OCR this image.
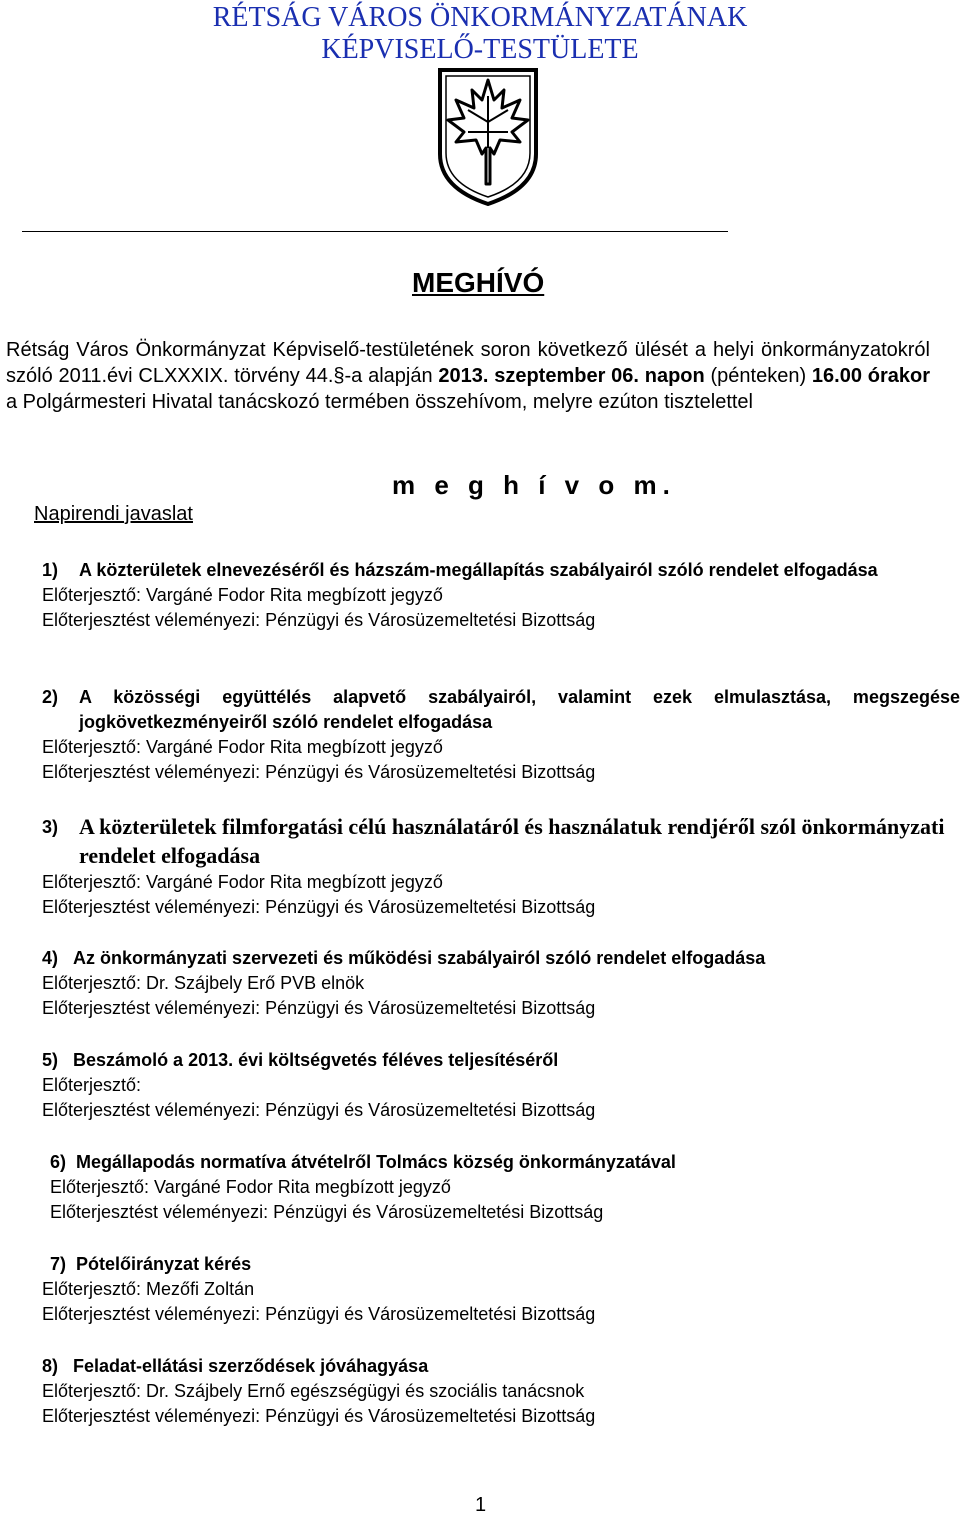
RÉTSÁG VÁROS ÖNKORMÁNYZATÁNAK
KÉPVISELŐ-TESTÜLETE
MEGHÍVÓ
Rétság Város Önkormányzat Képviselő-testületének soron következő ülését a helyi önkormányzatokról szóló 2011.évi CLXXXIX. törvény 44.§-a alapján 2013. szeptember 06. napon (pénteken) 16.00 órakor a Polgármesteri Hivatal tanácskozó termében összehívom, melyre ezúton tisztelettel
m e g h í v o m.
Napirendi javaslat
1) A közterületek elnevezéséről és házszám-megállapítás szabályairól szóló rendelet elfogadása
Előterjesztő: Vargáné Fodor Rita megbízott jegyző
Előterjesztést véleményezi: Pénzügyi és Városüzemeltetési Bizottság
2) A közösségi együttélés alapvető szabályairól, valamint ezek elmulasztása, megszegése jogkövetkezményeiről szóló rendelet elfogadása
Előterjesztő: Vargáné Fodor Rita megbízott jegyző
Előterjesztést véleményezi: Pénzügyi és Városüzemeltetési Bizottság
3) A közterületek filmforgatási célú használatáról és használatuk rendjéről szól önkormányzati rendelet elfogadása
Előterjesztő: Vargáné Fodor Rita megbízott jegyző
Előterjesztést véleményezi: Pénzügyi és Városüzemeltetési Bizottság
4) Az önkormányzati szervezeti és működési szabályairól szóló rendelet elfogadása
Előterjesztő: Dr. Szájbely Erő PVB elnök
Előterjesztést véleményezi: Pénzügyi és Városüzemeltetési Bizottság
5) Beszámoló a 2013. évi költségvetés féléves teljesítéséről
Előterjesztő:
Előterjesztést véleményezi: Pénzügyi és Városüzemeltetési Bizottság
6) Megállapodás normatíva átvételről Tolmács község önkormányzatával
Előterjesztő: Vargáné Fodor Rita megbízott jegyző
Előterjesztést véleményezi: Pénzügyi és Városüzemeltetési Bizottság
7) Pótelőirányzat kérés
Előterjesztő: Mezőfi Zoltán
Előterjesztést véleményezi: Pénzügyi és Városüzemeltetési Bizottság
8) Feladat-ellátási szerződések jóváhagyása
Előterjesztő: Dr. Szájbely Ernő egészségügyi és szociális tanácsnok
Előterjesztést véleményezi: Pénzügyi és Városüzemeltetési Bizottság
1
